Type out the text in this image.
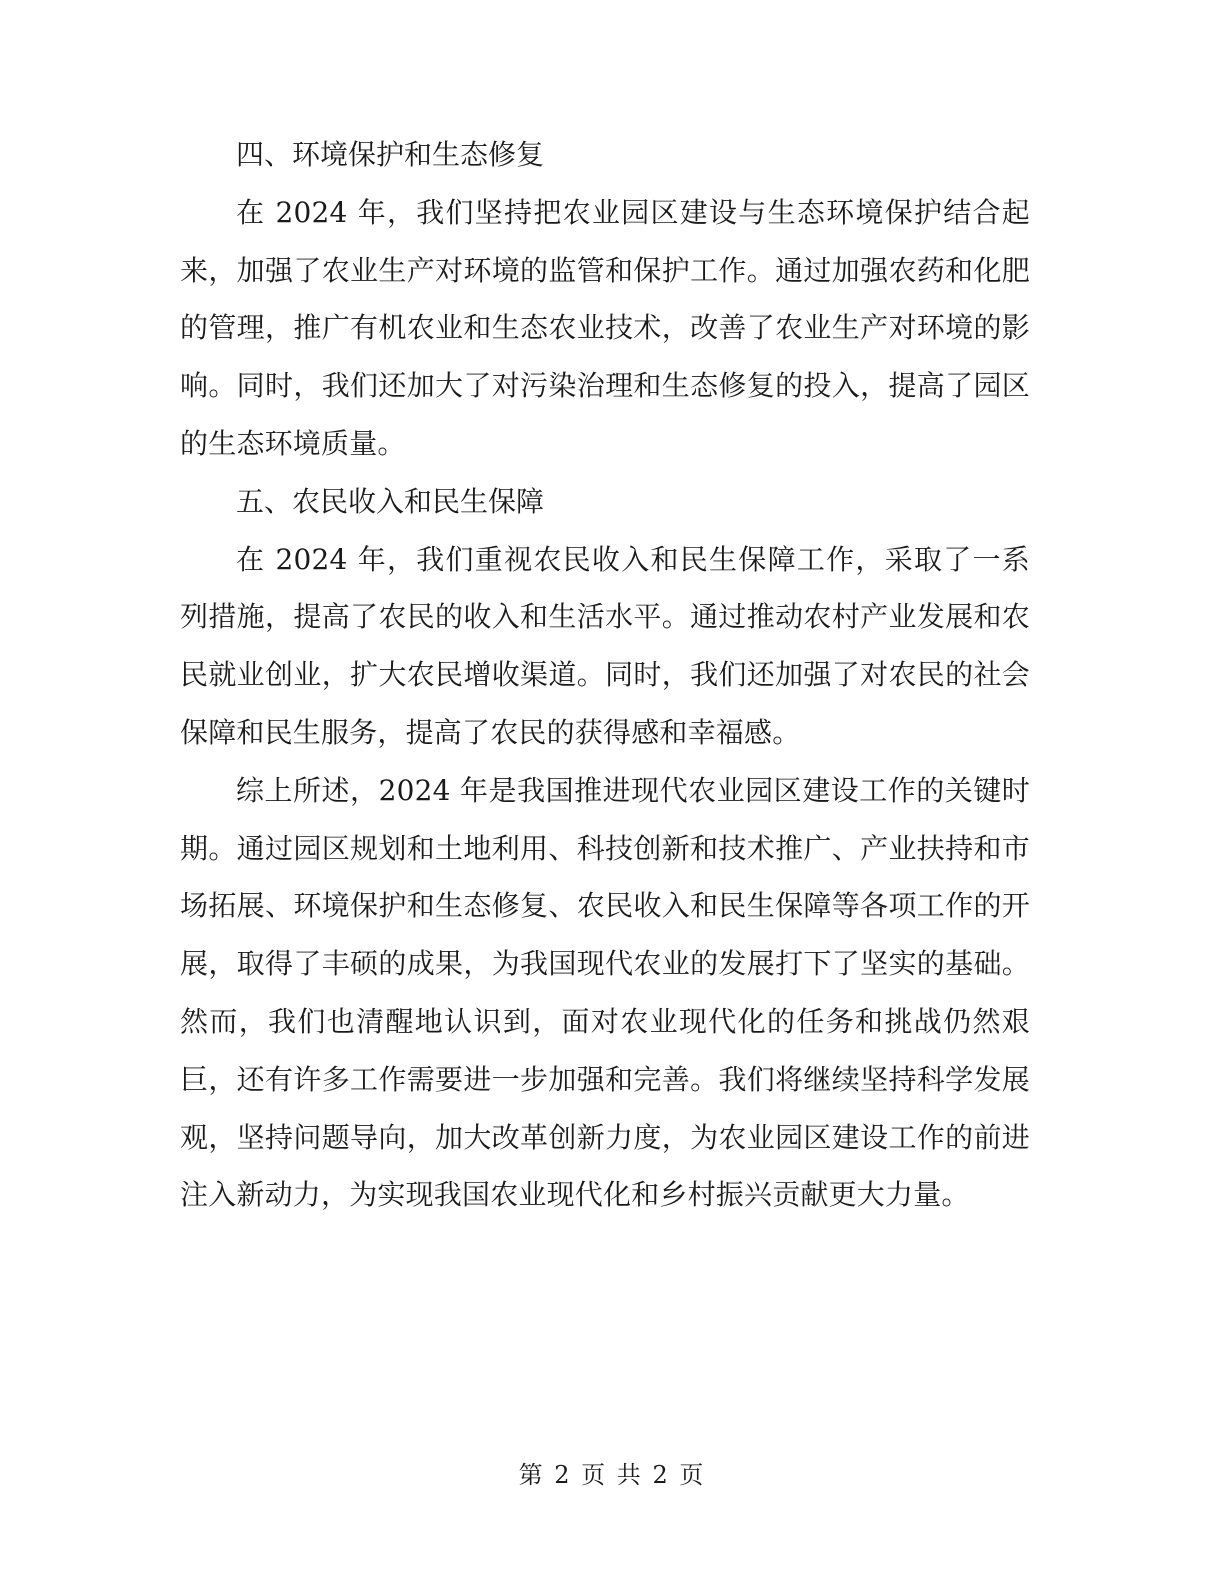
四、环境保护和生态修复

在 2024 年，我们坚持把农业园区建设与生态环境保护结合起来，加强了农业生产对环境的监管和保护工作。通过加强农药和化肥的管理，推广有机农业和生态农业技术，改善了农业生产对环境的影响。同时，我们还加大了对污染治理和生态修复的投入，提高了园区的生态环境质量。

五、农民收入和民生保障

在 2024 年，我们重视农民收入和民生保障工作，采取了一系列措施，提高了农民的收入和生活水平。通过推动农村产业发展和农民就业创业，扩大农民增收渠道。同时，我们还加强了对农民的社会保障和民生服务，提高了农民的获得感和幸福感。

综上所述，2024 年是我国推进现代农业园区建设工作的关键时期。通过园区规划和土地利用、科技创新和技术推广、产业扶持和市场拓展、环境保护和生态修复、农民收入和民生保障等各项工作的开展，取得了丰硕的成果，为我国现代农业的发展打下了坚实的基础。然而，我们也清醒地认识到，面对农业现代化的任务和挑战仍然艰巨，还有许多工作需要进一步加强和完善。我们将继续坚持科学发展观，坚持问题导向，加大改革创新力度，为农业园区建设工作的前进注入新动力，为实现我国农业现代化和乡村振兴贡献更大力量。

第 2 页 共 2 页
